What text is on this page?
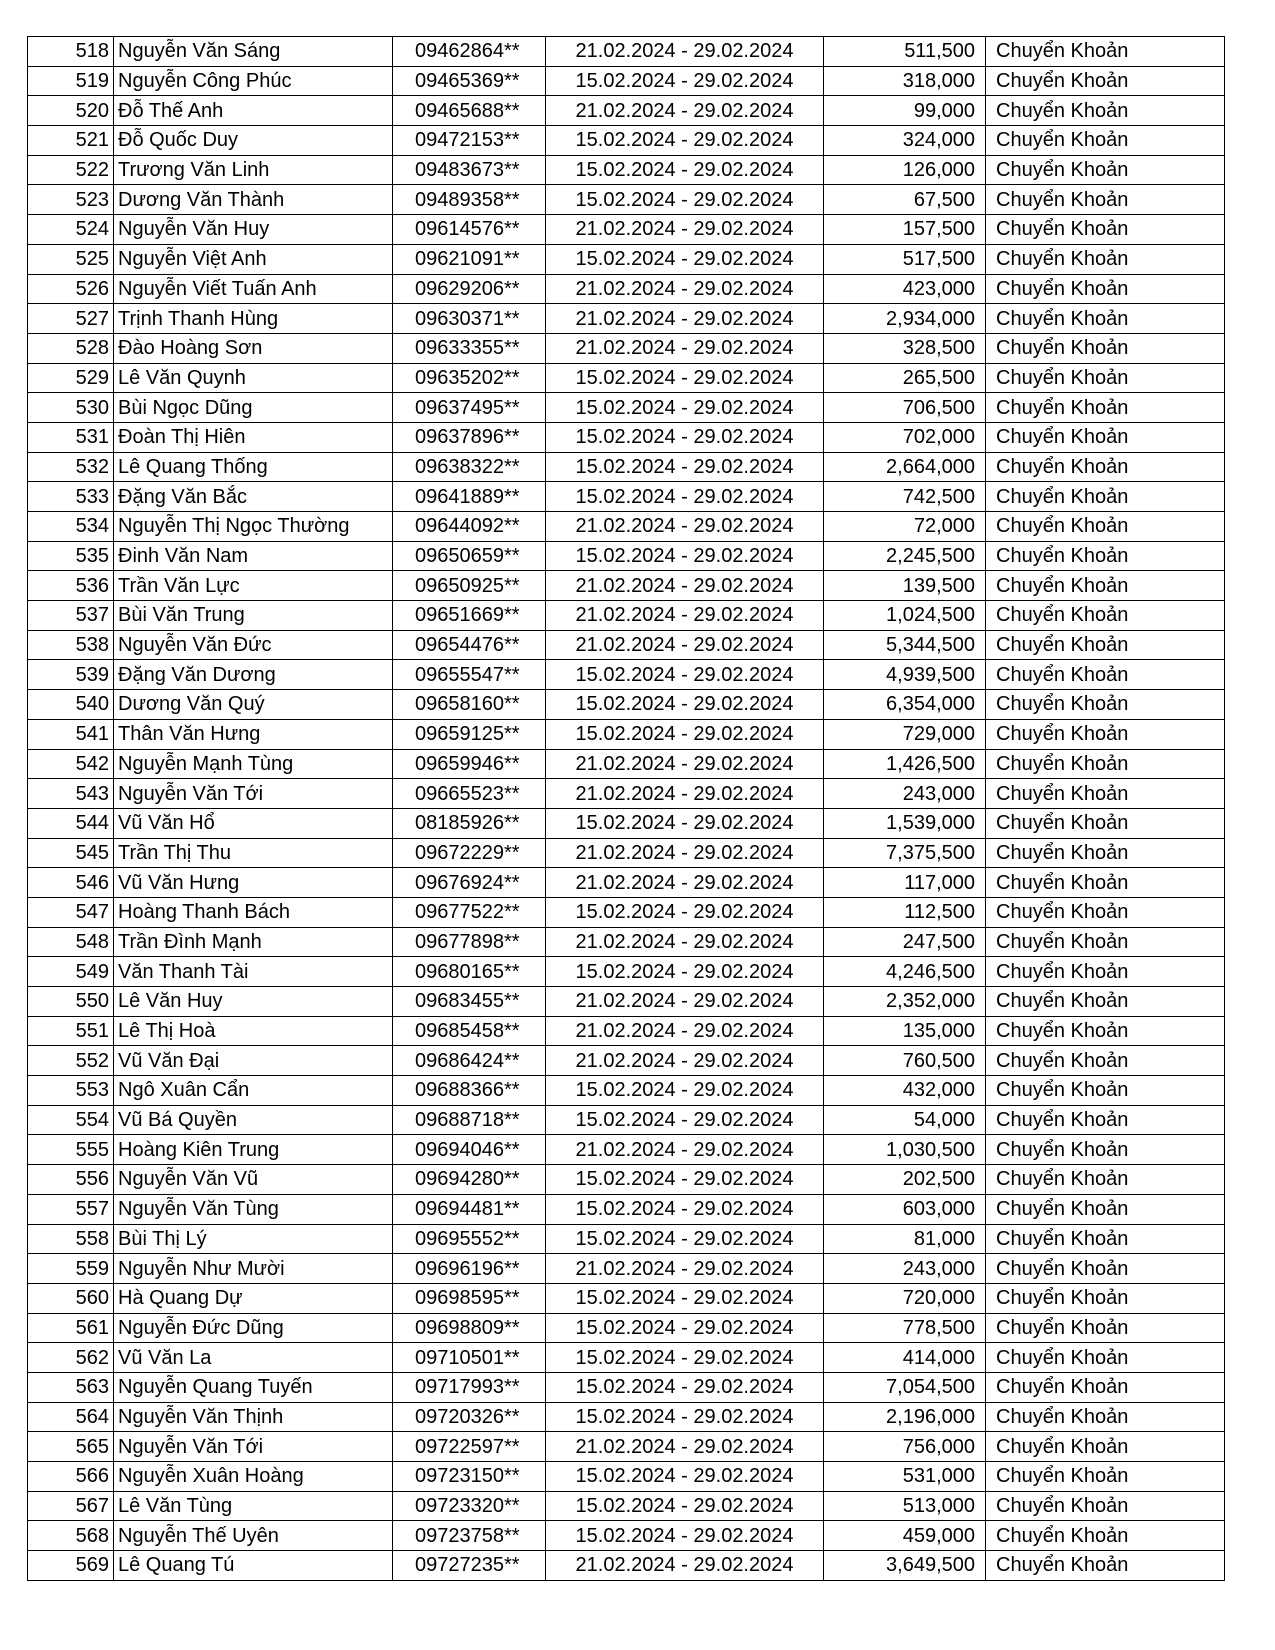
518	Nguyễn Văn Sáng	09462864**	21.02.2024 - 29.02.2024	511,500	Chuyển Khoản
519	Nguyễn Công Phúc	09465369**	15.02.2024 - 29.02.2024	318,000	Chuyển Khoản
520	Đỗ Thế Anh	09465688**	21.02.2024 - 29.02.2024	99,000	Chuyển Khoản
521	Đỗ Quốc Duy	09472153**	15.02.2024 - 29.02.2024	324,000	Chuyển Khoản
522	Trương Văn Linh	09483673**	15.02.2024 - 29.02.2024	126,000	Chuyển Khoản
523	Dương Văn Thành	09489358**	15.02.2024 - 29.02.2024	67,500	Chuyển Khoản
524	Nguyễn Văn Huy	09614576**	21.02.2024 - 29.02.2024	157,500	Chuyển Khoản
525	Nguyễn Việt Anh	09621091**	15.02.2024 - 29.02.2024	517,500	Chuyển Khoản
526	Nguyễn Viết Tuấn Anh	09629206**	21.02.2024 - 29.02.2024	423,000	Chuyển Khoản
527	Trịnh Thanh Hùng	09630371**	21.02.2024 - 29.02.2024	2,934,000	Chuyển Khoản
528	Đào Hoàng Sơn	09633355**	21.02.2024 - 29.02.2024	328,500	Chuyển Khoản
529	Lê Văn Quynh	09635202**	15.02.2024 - 29.02.2024	265,500	Chuyển Khoản
530	Bùi Ngọc Dũng	09637495**	15.02.2024 - 29.02.2024	706,500	Chuyển Khoản
531	Đoàn Thị Hiên	09637896**	15.02.2024 - 29.02.2024	702,000	Chuyển Khoản
532	Lê Quang Thống	09638322**	15.02.2024 - 29.02.2024	2,664,000	Chuyển Khoản
533	Đặng Văn Bắc	09641889**	15.02.2024 - 29.02.2024	742,500	Chuyển Khoản
534	Nguyễn Thị Ngọc Thường	09644092**	21.02.2024 - 29.02.2024	72,000	Chuyển Khoản
535	Đinh Văn Nam	09650659**	15.02.2024 - 29.02.2024	2,245,500	Chuyển Khoản
536	Trần Văn Lực	09650925**	21.02.2024 - 29.02.2024	139,500	Chuyển Khoản
537	Bùi Văn Trung	09651669**	21.02.2024 - 29.02.2024	1,024,500	Chuyển Khoản
538	Nguyễn Văn Đức	09654476**	21.02.2024 - 29.02.2024	5,344,500	Chuyển Khoản
539	Đặng Văn Dương	09655547**	15.02.2024 - 29.02.2024	4,939,500	Chuyển Khoản
540	Dương Văn Quý	09658160**	15.02.2024 - 29.02.2024	6,354,000	Chuyển Khoản
541	Thân Văn Hưng	09659125**	15.02.2024 - 29.02.2024	729,000	Chuyển Khoản
542	Nguyễn Mạnh Tùng	09659946**	21.02.2024 - 29.02.2024	1,426,500	Chuyển Khoản
543	Nguyễn Văn Tới	09665523**	21.02.2024 - 29.02.2024	243,000	Chuyển Khoản
544	Vũ Văn Hổ	08185926**	15.02.2024 - 29.02.2024	1,539,000	Chuyển Khoản
545	Trần Thị Thu	09672229**	21.02.2024 - 29.02.2024	7,375,500	Chuyển Khoản
546	Vũ Văn Hưng	09676924**	21.02.2024 - 29.02.2024	117,000	Chuyển Khoản
547	Hoàng Thanh Bách	09677522**	15.02.2024 - 29.02.2024	112,500	Chuyển Khoản
548	Trần Đình Mạnh	09677898**	21.02.2024 - 29.02.2024	247,500	Chuyển Khoản
549	Văn Thanh Tài	09680165**	15.02.2024 - 29.02.2024	4,246,500	Chuyển Khoản
550	Lê Văn Huy	09683455**	21.02.2024 - 29.02.2024	2,352,000	Chuyển Khoản
551	Lê Thị Hoà	09685458**	21.02.2024 - 29.02.2024	135,000	Chuyển Khoản
552	Vũ Văn Đại	09686424**	21.02.2024 - 29.02.2024	760,500	Chuyển Khoản
553	Ngô Xuân Cẩn	09688366**	15.02.2024 - 29.02.2024	432,000	Chuyển Khoản
554	Vũ Bá Quyền	09688718**	15.02.2024 - 29.02.2024	54,000	Chuyển Khoản
555	Hoàng Kiên Trung	09694046**	21.02.2024 - 29.02.2024	1,030,500	Chuyển Khoản
556	Nguyễn Văn Vũ	09694280**	15.02.2024 - 29.02.2024	202,500	Chuyển Khoản
557	Nguyễn Văn Tùng	09694481**	15.02.2024 - 29.02.2024	603,000	Chuyển Khoản
558	Bùi Thị Lý	09695552**	15.02.2024 - 29.02.2024	81,000	Chuyển Khoản
559	Nguyễn Như Mười	09696196**	21.02.2024 - 29.02.2024	243,000	Chuyển Khoản
560	Hà Quang Dự	09698595**	15.02.2024 - 29.02.2024	720,000	Chuyển Khoản
561	Nguyễn Đức Dũng	09698809**	15.02.2024 - 29.02.2024	778,500	Chuyển Khoản
562	Vũ Văn La	09710501**	15.02.2024 - 29.02.2024	414,000	Chuyển Khoản
563	Nguyễn Quang Tuyến	09717993**	15.02.2024 - 29.02.2024	7,054,500	Chuyển Khoản
564	Nguyễn Văn Thịnh	09720326**	15.02.2024 - 29.02.2024	2,196,000	Chuyển Khoản
565	Nguyễn Văn Tới	09722597**	21.02.2024 - 29.02.2024	756,000	Chuyển Khoản
566	Nguyễn Xuân Hoàng	09723150**	15.02.2024 - 29.02.2024	531,000	Chuyển Khoản
567	Lê Văn Tùng	09723320**	15.02.2024 - 29.02.2024	513,000	Chuyển Khoản
568	Nguyễn Thế Uyên	09723758**	15.02.2024 - 29.02.2024	459,000	Chuyển Khoản
569	Lê Quang Tú	09727235**	21.02.2024 - 29.02.2024	3,649,500	Chuyển Khoản
